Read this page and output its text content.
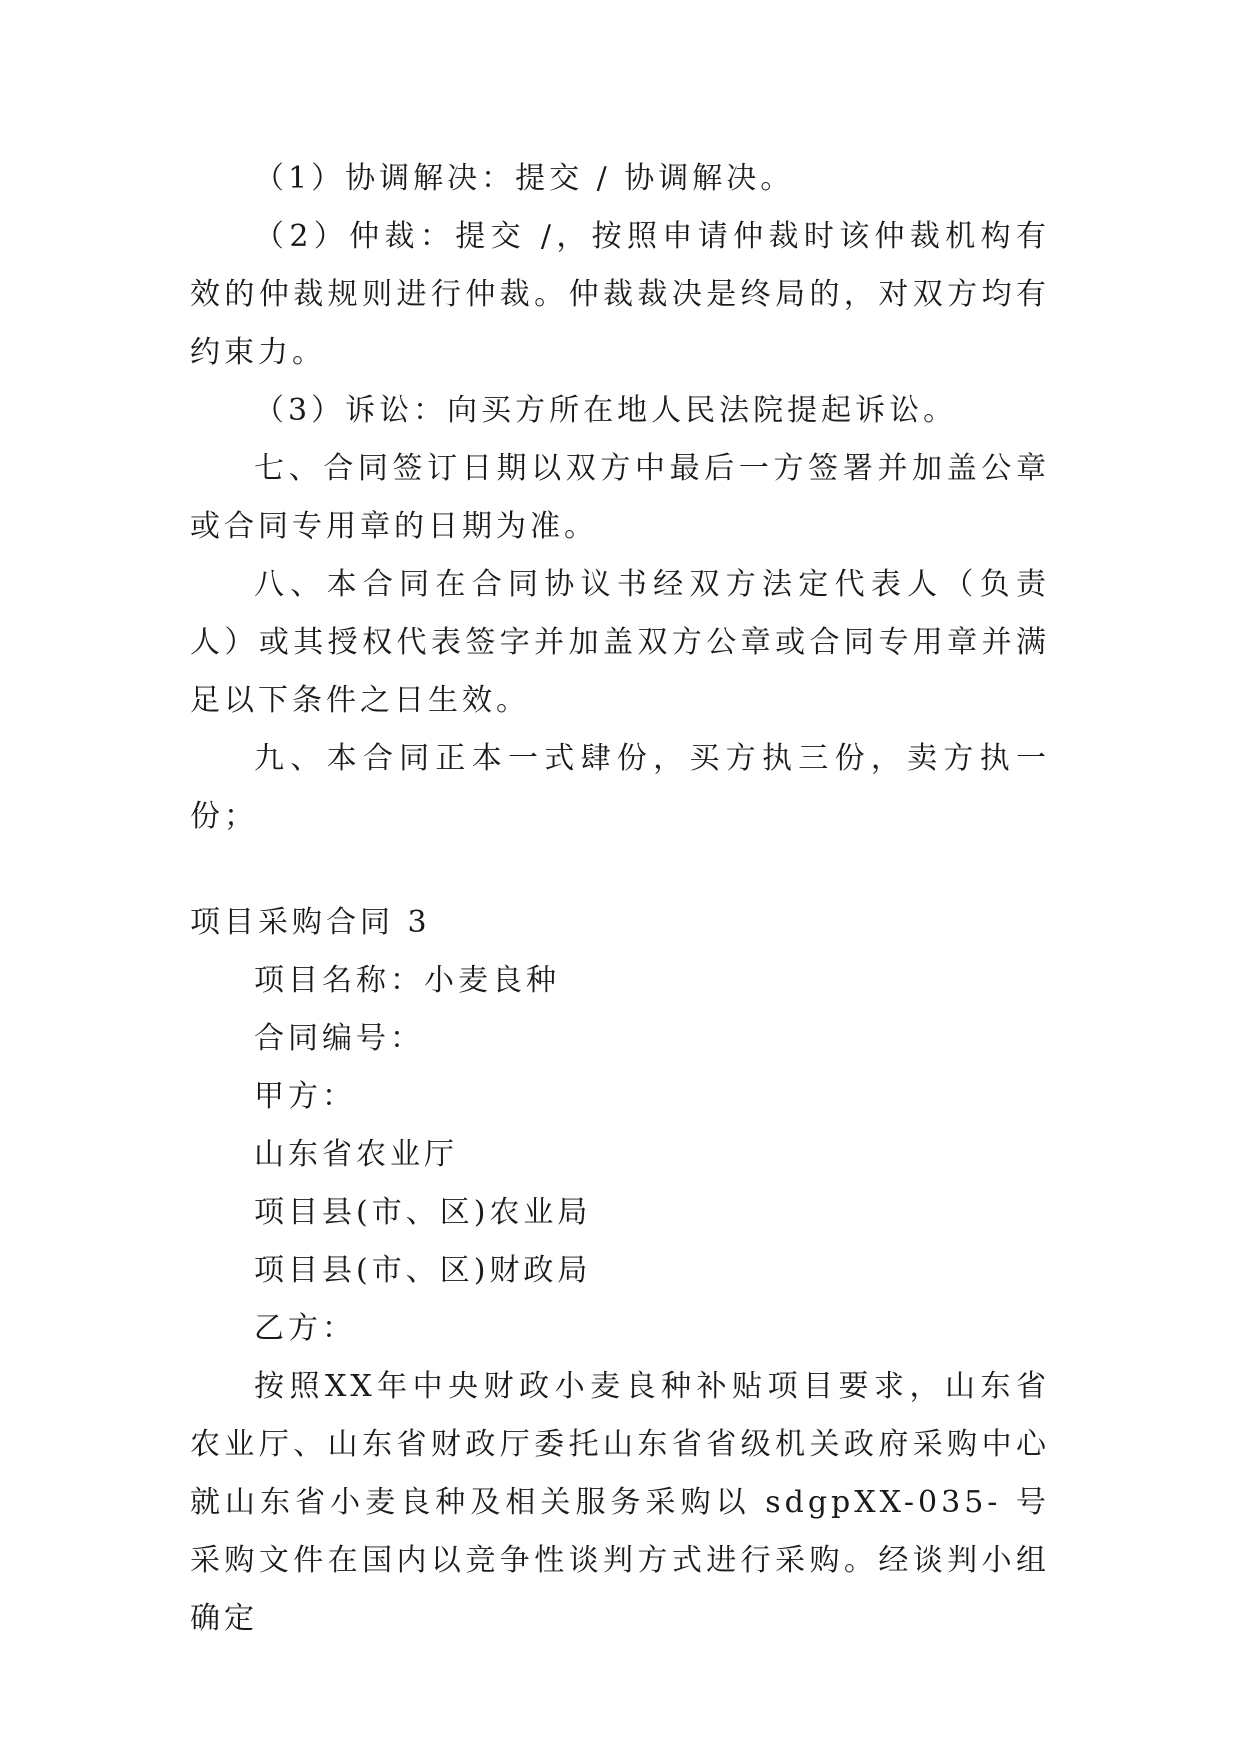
（1）协调解决：提交 / 协调解决。

（2）仲裁：提交 /，按照申请仲裁时该仲裁机构有效的仲裁规则进行仲裁。仲裁裁决是终局的，对双方均有约束力。

（3）诉讼：向买方所在地人民法院提起诉讼。

七、合同签订日期以双方中最后一方签署并加盖公章或合同专用章的日期为准。

八、本合同在合同协议书经双方法定代表人（负责人）或其授权代表签字并加盖双方公章或合同专用章并满足以下条件之日生效。

九、本合同正本一式肆份，买方执三份，卖方执一份；

项目采购合同 3

项目名称：小麦良种

合同编号：

甲方：

山东省农业厅

项目县(市、区)农业局

项目县(市、区)财政局

乙方：

按照XX年中央财政小麦良种补贴项目要求，山东省农业厅、山东省财政厅委托山东省省级机关政府采购中心就山东省小麦良种及相关服务采购以 sdgpXX-035- 号采购文件在国内以竞争性谈判方式进行采购。经谈判小组确定
